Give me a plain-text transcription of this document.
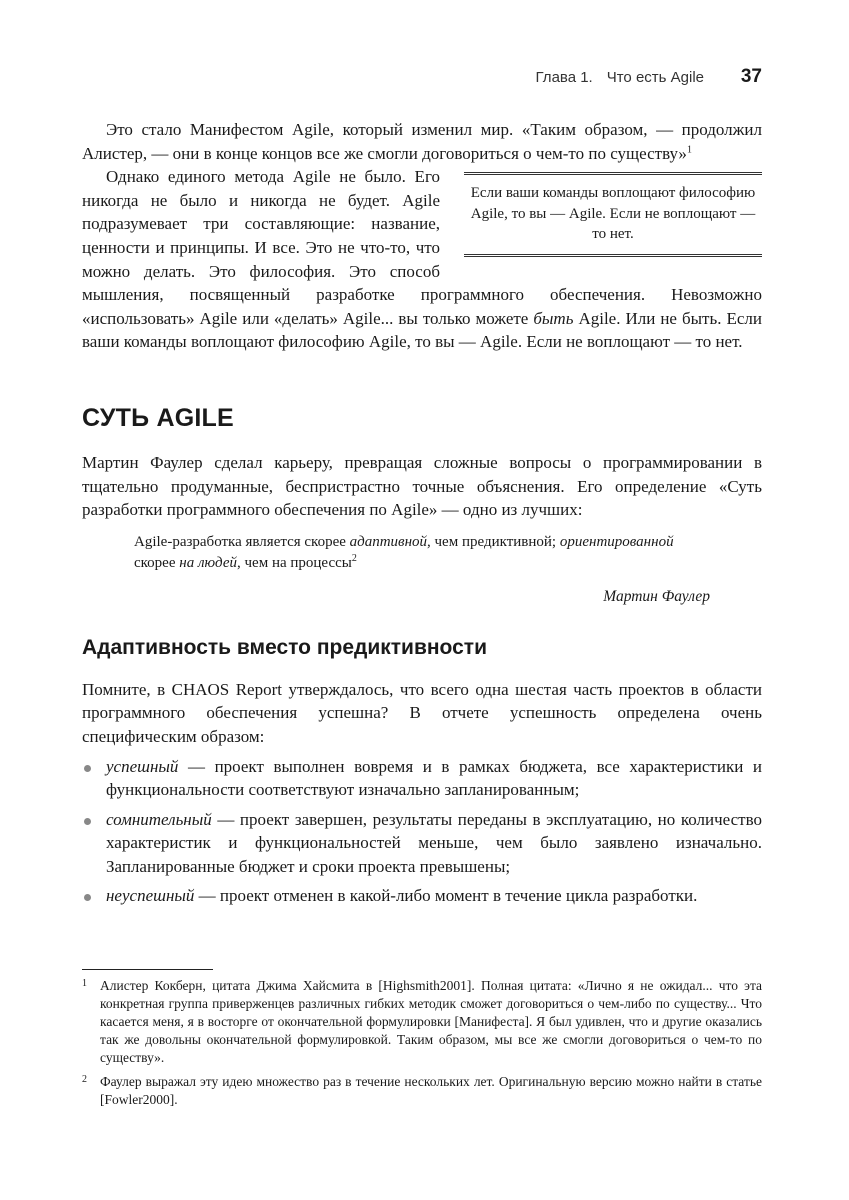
Глава 1. Что есть Agile 37

Это стало Манифестом Agile, который изменил мир. «Таким образом, — продолжил Алистер, — они в конце концов все же смогли договориться о чем-то по существу»$^1$

Если ваши команды воплощают философию Agile, то вы — Agile. Если не воплощают — то нет.

Однако единого метода Agile не было. Его никогда не было и никогда не будет. Agile подразумевает три составляющие: название, ценности и принципы. И все. Это не что-то, что можно делать. Это философия. Это способ мышления, посвященный разработке программного обеспечения. Невозможно «использовать» Agile или «делать» Agile... вы только можете быть Agile. Или не быть. Если ваши команды воплощают философию Agile, то вы — Agile. Если не воплощают — то нет.

СУТЬ AGILE

Мартин Фаулер сделал карьеру, превращая сложные вопросы о программировании в тщательно продуманные, беспристрастно точные объяснения. Его определение «Суть разработки программного обеспечения по Agile» — одно из лучших:

Agile-разработка является скорее адаптивной, чем предиктивной; ориентированной скорее на людей, чем на процессы$^2$

Мартин Фаулер
Адаптивность вместо предиктивности

Помните, в CHAOS Report утверждалось, что всего одна шестая часть проектов в области программного обеспечения успешна? В отчете успешность определена очень специфическим образом:

успешный — проект выполнен вовремя и в рамках бюджета, все характеристики и функциональности соответствуют изначально запланированным;
сомнительный — проект завершен, результаты переданы в эксплуатацию, но количество характеристик и функциональностей меньше, чем было заявлено изначально. Запланированные бюджет и сроки проекта превышены;
неуспешный — проект отменен в какой-либо момент в течение цикла разработки.
1 Алистер Кокберн, цитата Джима Хайсмита в [Highsmith2001]. Полная цитата: «Лично я не ожидал... что эта конкретная группа приверженцев различных гибких методик сможет договориться о чем-либо по существу... Что касается меня, я в восторге от окончательной формулировки [Манифеста]. Я был удивлен, что и другие оказались так же довольны окончательной формулировкой. Таким образом, мы все же смогли договориться о чем-то по существу».
2 Фаулер выражал эту идею множество раз в течение нескольких лет. Оригинальную версию можно найти в статье [Fowler2000].
